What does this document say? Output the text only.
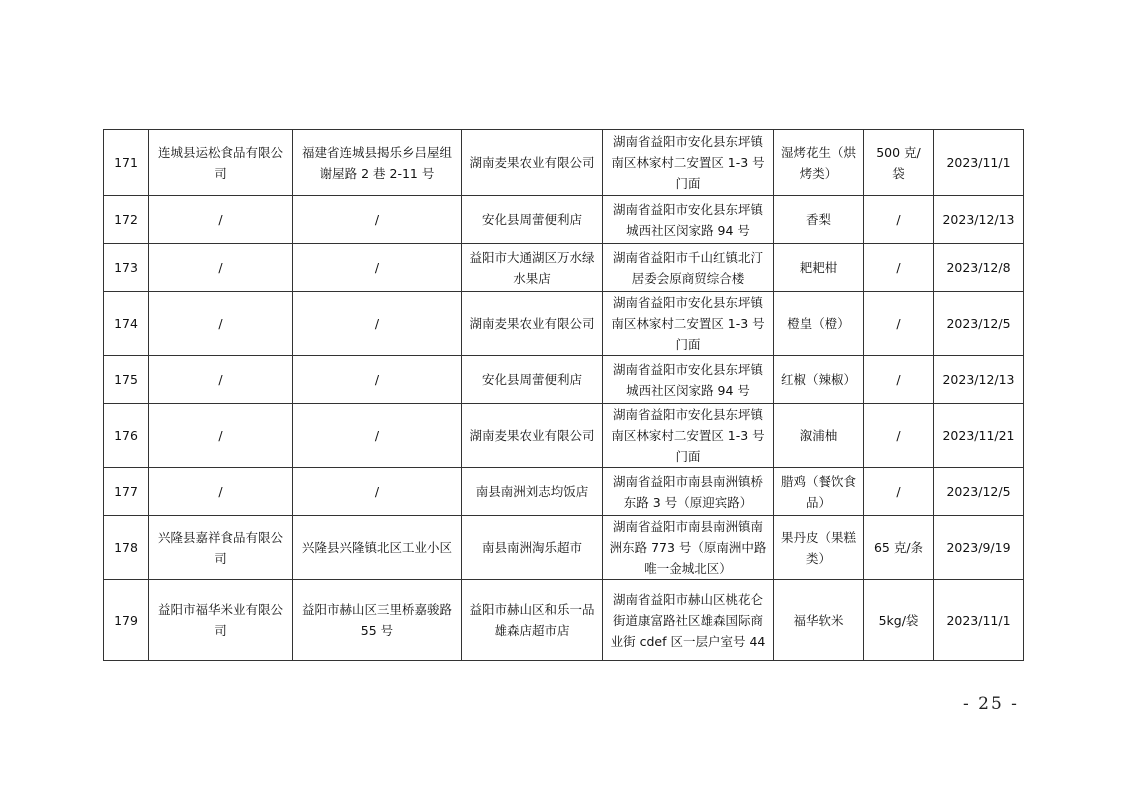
171	连城县运松食品有限公司	福建省连城县揭乐乡吕屋组谢屋路 2 巷 2-11 号	湖南麦果农业有限公司	湖南省益阳市安化县东坪镇南区林家村二安置区 1-3 号门面	湿烤花生（烘烤类）	500 克/袋	2023/11/1
172	/	/	安化县周蕾便利店	湖南省益阳市安化县东坪镇城西社区闵家路 94 号	香梨	/	2023/12/13
173	/	/	益阳市大通湖区万水绿水果店	湖南省益阳市千山红镇北汀居委会原商贸综合楼	耙耙柑	/	2023/12/8
174	/	/	湖南麦果农业有限公司	湖南省益阳市安化县东坪镇南区林家村二安置区 1-3 号门面	橙皇（橙）	/	2023/12/5
175	/	/	安化县周蕾便利店	湖南省益阳市安化县东坪镇城西社区闵家路 94 号	红椒（辣椒）	/	2023/12/13
176	/	/	湖南麦果农业有限公司	湖南省益阳市安化县东坪镇南区林家村二安置区 1-3 号门面	溆浦柚	/	2023/11/21
177	/	/	南县南洲刘志均饭店	湖南省益阳市南县南洲镇桥东路 3 号（原迎宾路）	腊鸡（餐饮食品）	/	2023/12/5
178	兴隆县嘉祥食品有限公司	兴隆县兴隆镇北区工业小区	南县南洲淘乐超市	湖南省益阳市南县南洲镇南洲东路 773 号（原南洲中路唯一金城北区）	果丹皮（果糕类）	65 克/条	2023/9/19
179	益阳市福华米业有限公司	益阳市赫山区三里桥嘉骏路 55 号	益阳市赫山区和乐一品雄森店超市店	湖南省益阳市赫山区桃花仑街道康富路社区雄森国际商业街 cdef 区一层户室号 44	福华软米	5kg/袋	2023/11/1
- 25 -
